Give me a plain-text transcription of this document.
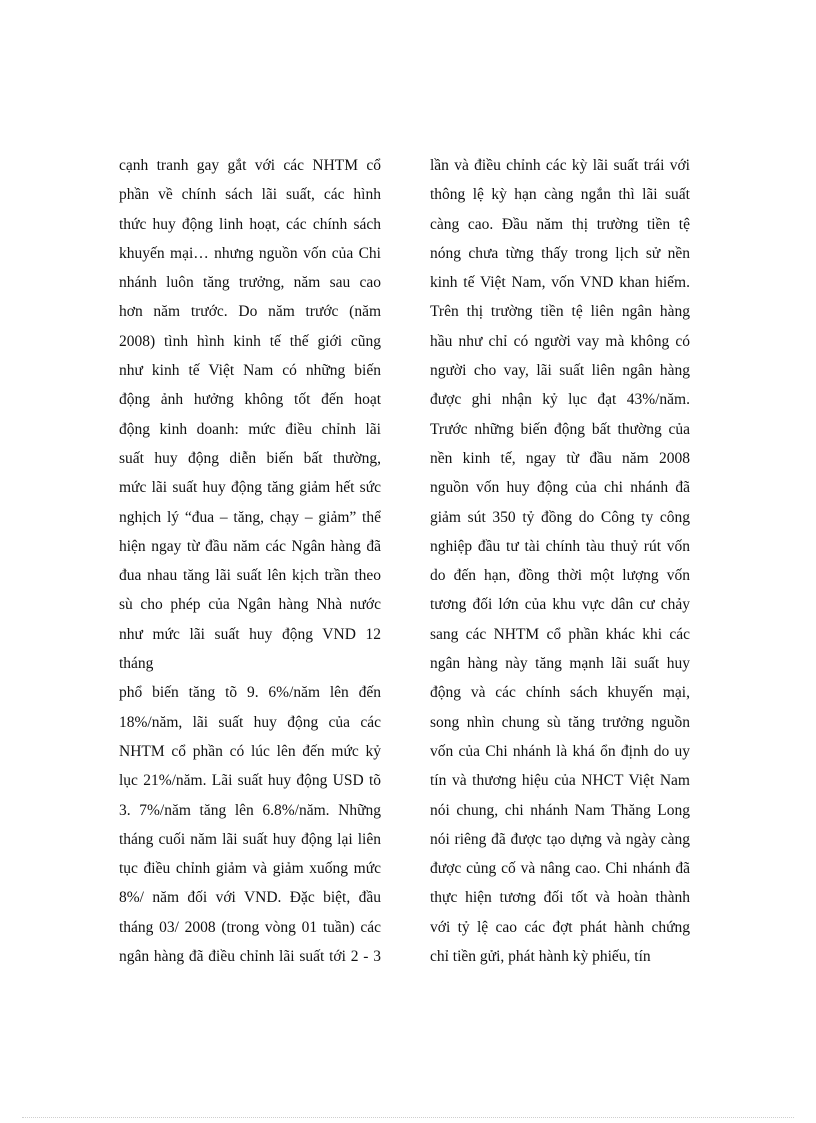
cạnh tranh gay gắt với các NHTM cổ
phần về chính sách lãi suất, các hình
thức huy động linh hoạt, các chính sách
khuyến mại… nhưng nguồn vốn của Chi
nhánh luôn tăng trưởng, năm sau cao
hơn năm trước. Do năm trước (năm
2008) tình hình kinh tế thế giới cũng
như kinh tế Việt Nam có những biến
động ảnh hưởng không tốt đến hoạt
động kinh doanh: mức điều chỉnh lãi
suất huy động diễn biến bất thường,
mức lãi suất huy động tăng giảm hết sức
nghịch lý “đua – tăng, chạy – giảm” thể
hiện ngay từ đầu năm các Ngân hàng đã
đua nhau tăng lãi suất lên kịch trần theo
sù cho phép của Ngân hàng Nhà nước
như mức lãi suất huy động VND 12
tháng
phổ biến tăng tõ 9. 6%/năm lên đến
18%/năm, lãi suất huy động của các
NHTM cổ phần có lúc lên đến mức kỷ
lục 21%/năm. Lãi suất huy động USD tõ
3. 7%/năm tăng lên 6.8%/năm. Những
tháng cuối năm lãi suất huy động lại liên
tục điều chỉnh giảm và giảm xuống mức
8%/ năm đối với VND. Đặc biệt, đầu
tháng 03/ 2008 (trong vòng 01 tuần) các
ngân hàng đã điều chỉnh lãi suất tới 2 - 3
lần và điều chỉnh các kỳ lãi suất trái với
thông lệ kỳ hạn càng ngắn thì lãi suất
càng cao. Đầu năm thị trường tiền tệ
nóng chưa từng thấy trong lịch sử nền
kinh tế Việt Nam, vốn VND khan hiếm.
Trên thị trường tiền tệ liên ngân hàng
hầu như chỉ có người vay mà không có
người cho vay, lãi suất liên ngân hàng
được ghi nhận kỷ lục đạt 43%/năm.
Trước những biến động bất thường của
nền kinh tế, ngay từ đầu năm 2008
nguồn vốn huy động của chi nhánh đã
giảm sút 350 tỷ đồng do Công ty công
nghiệp đầu tư tài chính tàu thuỷ rút vốn
do đến hạn, đồng thời một lượng vốn
tương đối lớn của khu vực dân cư chảy
sang các NHTM cổ phần khác khi các
ngân hàng này tăng mạnh lãi suất huy
động và các chính sách khuyến mại,
song nhìn chung sù tăng trưởng nguồn
vốn của Chi nhánh là khá ổn định do uy
tín và thương hiệu của NHCT Việt Nam
nói chung, chi nhánh Nam Thăng Long
nói riêng đã được tạo dựng và ngày càng
được củng cố và nâng cao. Chi nhánh đã
thực hiện tương đối tốt và hoàn thành
với tỷ lệ cao các đợt phát hành chứng
chỉ tiền gửi, phát hành kỳ phiếu, tín
